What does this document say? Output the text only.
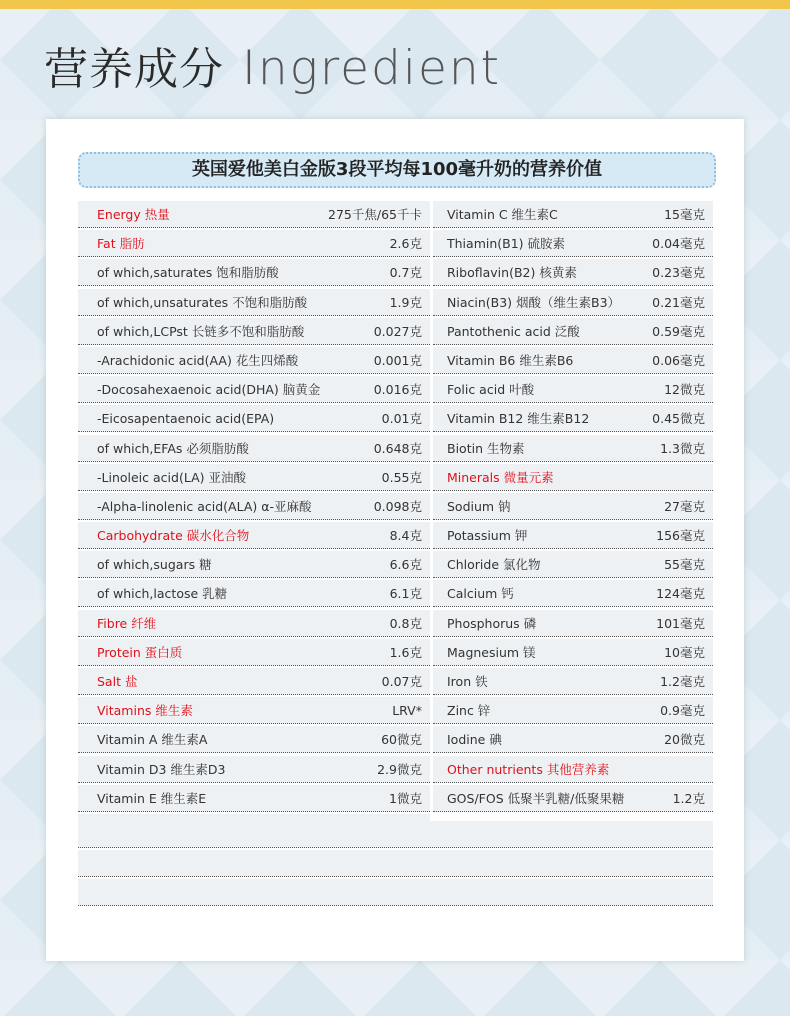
营养成分 Ingredient
英国爱他美白金版3段平均每100毫升奶的营养价值
Energy 热量	275千焦/65千卡
Fat 脂肪	2.6克
of which,saturates 饱和脂肪酸	0.7克
of which,unsaturates 不饱和脂肪酸	1.9克
of which,LCPst 长链多不饱和脂肪酸	0.027克
-Arachidonic acid(AA) 花生四烯酸	0.001克
-Docosahexaenoic acid(DHA) 脑黄金	0.016克
-Eicosapentaenoic acid(EPA)	0.01克
of which,EFAs 必须脂肪酸	0.648克
-Linoleic acid(LA) 亚油酸	0.55克
-Alpha-linolenic acid(ALA) α-亚麻酸	0.098克
Carbohydrate 碳水化合物	8.4克
of which,sugars 糖	6.6克
of which,lactose 乳糖	6.1克
Fibre 纤维	0.8克
Protein 蛋白质	1.6克
Salt 盐	0.07克
Vitamins 维生素	LRV*
Vitamin A 维生素A	60微克
Vitamin D3 维生素D3	2.9微克
Vitamin E 维生素E	1微克
Vitamin C 维生素C	15毫克
Thiamin(B1) 硫胺素	0.04毫克
Riboflavin(B2) 核黄素	0.23毫克
Niacin(B3) 烟酸（维生素B3）	0.21毫克
Pantothenic acid 泛酸	0.59毫克
Vitamin B6 维生素B6	0.06毫克
Folic acid 叶酸	12微克
Vitamin B12 维生素B12	0.45微克
Biotin 生物素	1.3微克
Minerals 微量元素
Sodium 钠	27毫克
Potassium 钾	156毫克
Chloride 氯化物	55毫克
Calcium 钙	124毫克
Phosphorus 磷	101毫克
Magnesium 镁	10毫克
Iron 铁	1.2毫克
Zinc 锌	0.9毫克
Iodine 碘	20微克
Other nutrients 其他营养素
GOS/FOS 低聚半乳糖/低聚果糖	1.2克
